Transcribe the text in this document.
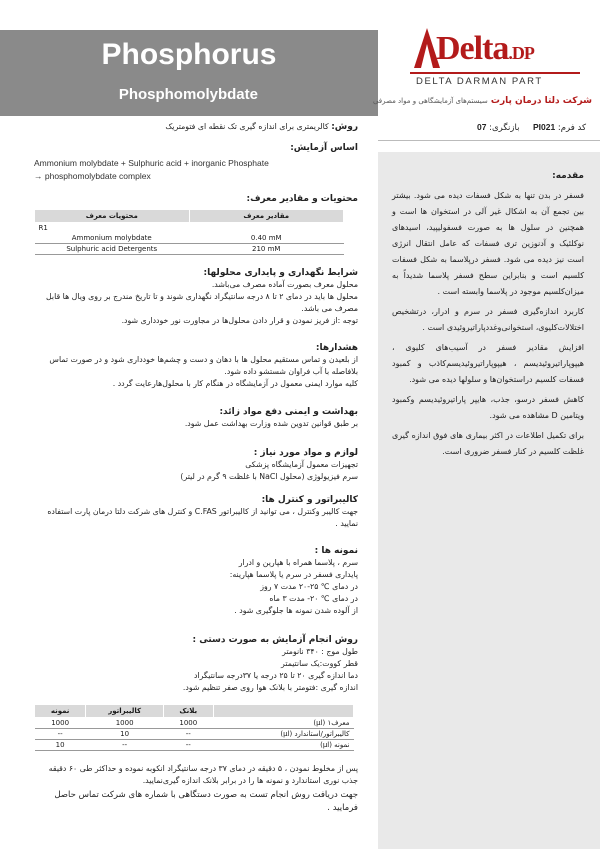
Phosphorus
Phosphomolybdate
Delta.DP
DELTA DARMAN PART
شرکت دلتا درمان پارت سیستم‌های آزمایشگاهی و مواد مصرفی
کد فرم: PI021     بازنگری: 07
مقدمه:

فسفر در بدن تنها به شکل فسفات دیده می شود. بیشتر بین تجمع آن به اشکال غیر آلی در استخوان ها است و همچنین در سلول ها به صورت فسفولیپید، اسیدهای نوکلئیک و آدنوزین تری فسفات که عامل انتقال انرژی است نیز دیده می شود. فسفر درپلاسما به شکل فسفات کلسیم است و بنابراین سطح فسفر پلاسما شدیداً به میزان‌کلسیم موجود در پلاسما وابسته است .

کاربرد اندازه‌گیری فسفر در سرم و ادرار، درتشخیص اختلالات‌کلیوی، استخوانی‌وغددپاراتیروئیدی است .

افزایش مقادیر فسفر در آسیب‌های کلیوی ، هیپوپاراتیروئیدیسم ، هیپوپاراتیروئیدیسم‌کاذب و کمبود فسفات کلسیم دراستخوان‌ها و سلولها دیده می شود.

کاهش فسفر درسو، جذب، هایپر پاراتیروئیدیسم وکمبود ویتامین D مشاهده می شود.

برای تکمیل اطلاعات در اکثر بیماری های فوق اندازه گیری غلظت کلسیم در کنار فسفر ضروری است.

روش: کالریمتری برای اندازه گیری تک نقطه ای فتومتریک

اساس آزمایش:

Ammonium molybdate + Sulphuric acid + inorganic Phosphate

→ phosphomolybdate complex

محتویات و مقادیر معرف:

محتویات معرف	مقادیر معرف
R1	
Ammonium molybdate	0.40 mM
Sulphuric acid Detergents	210 mM

شرایط نگهداری و پایداری محلولها:

محلول معرف بصورت آماده مصرف می‌باشد.

محلول ها باید در دمای ۲ تا ۸ درجه سانتیگراد نگهداری شوند و تا تاریخ مندرج بر روی ویال ها قابل مصرف می باشد.

توجه :از فریز نمودن و قرار دادن محلول‌ها در مجاورت نور خودداری شود.

هشدارها:

از بلعیدن و تماس مستقیم محلول ها با دهان و دست و چشم‌ها خودداری شود و در صورت تماس بلافاصله با آب فراوان شستشو داده شود.

کلیه موارد ایمنی معمول در آزمایشگاه در هنگام کار با محلول‌هارعایت گردد .

بهداشت و ایمنی دفع مواد زائد:

بر طبق قوانین تدوین شده وزارت بهداشت عمل شود.

لوازم و مواد مورد نیاز :

تجهیزات معمول آزمایشگاه پزشکی

سرم فیزیولوژی (محلول NaCl با غلظت ۹ گرم در لیتر)

کالیبراتور و کنترل ها:

جهت کالیبر وکنترل ، می توانید از کالیبراتور C.FAS و کنترل های شرکت دلتا درمان پارت استفاده نمایید .

نمونه ها :

سرم ، پلاسما همراه با هپارین و ادرار

پایداری فسفر در سرم یا پلاسما هپارینه:

در دمای ℃ ۲۵-۲۰ مدت ۷ روز

در دمای ℃ ۲۰- مدت ۳ ماه

از آلوده شدن نمونه ها جلوگیری شود .

روش انجام آزمایش به صورت دستی :

طول موج : ۳۴۰ نانومتر

قطر کووت:یک سانتیمتر

دما اندازه گیری ۲۰ تا ۲۵ درجه یا ۳۷درجه سانتیگراد

اندازه گیری :فتومتر با بلانک هوا روی صفر تنظیم شود.

	بلانک	کالیبراتور	نمونه
معرف۱ (µl)	1000	1000	1000
کالیبراتور/استاندارد (µl)	--	10	--
نمونه (µl)	--	--	10

پس از مخلوط نمودن ، ۵ دقیقه در دمای ۳۷ درجه سانتیگراد انکوبه نموده و حداکثر طی ۶۰ دقیقه جذب نوری استاندارد و نمونه ها را در برابر بلانک اندازه گیری‌نمایید.

جهت دریافت روش انجام تست به صورت دستگاهی با شماره های شرکت تماس حاصل فرمایید .
